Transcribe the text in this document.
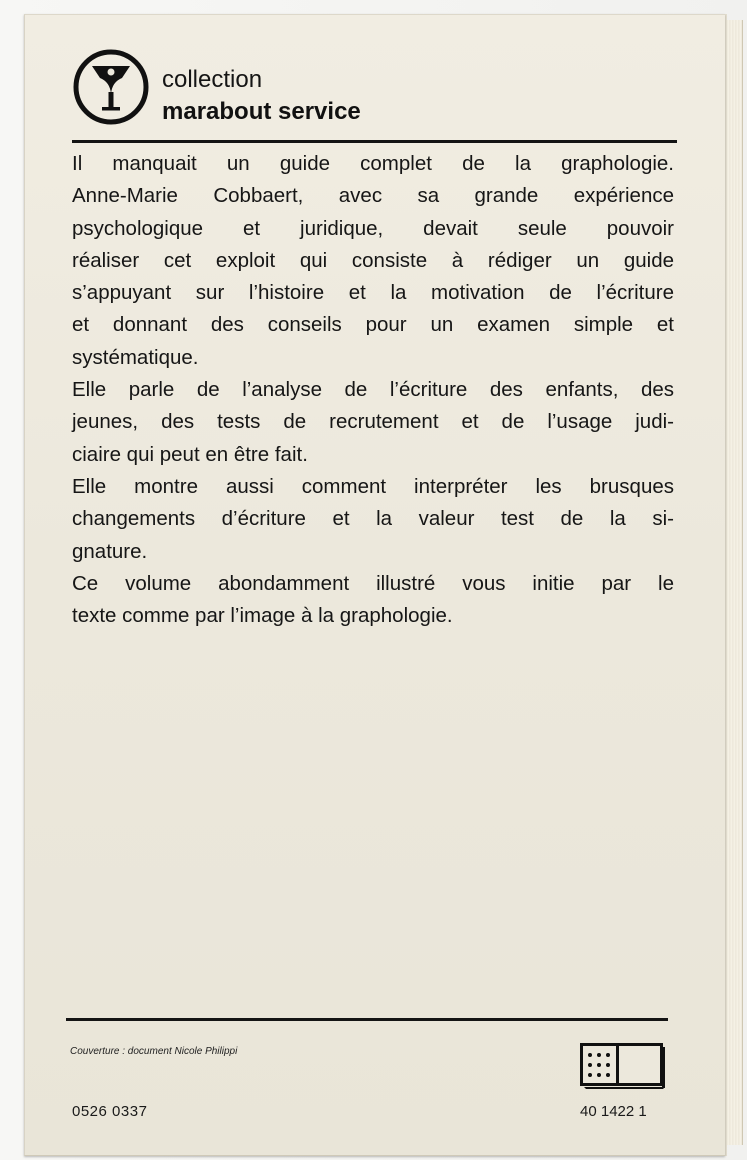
collection
marabout service
Il manquait un guide complet de la graphologie.
Anne-Marie Cobbaert, avec sa grande expérience
psychologique et juridique, devait seule pouvoir
réaliser cet exploit qui consiste à rédiger un guide
s’appuyant sur l’histoire et la motivation de l’écriture
et donnant des conseils pour un examen simple et
systématique.
Elle parle de l’analyse de l’écriture des enfants, des
jeunes, des tests de recrutement et de l’usage judi-
ciaire qui peut en être fait.
Elle montre aussi comment interpréter les brusques
changements d’écriture et la valeur test de la si-
gnature.
Ce volume abondamment illustré vous initie par le
texte comme par l’image à la graphologie.
Couverture : document Nicole Philippi
0526 0337	40 1422 1
